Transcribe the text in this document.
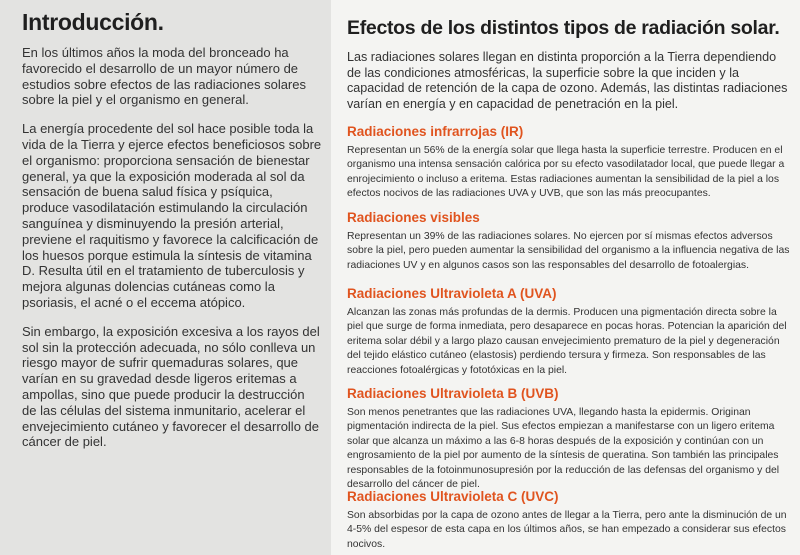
Introducción.

En los últimos años la moda del bronceado ha favorecido el desarrollo de un mayor número de estudios sobre efectos de las radiaciones solares sobre la piel y el organismo en general.

La energía procedente del sol hace posible toda la vida de la Tierra y ejerce efectos beneficiosos sobre el organismo: proporciona sensación de bienestar general, ya que la exposición moderada al sol da sensación de buena salud física y psíquica, produce vasodilatación estimulando la circulación sanguínea y disminuyendo la presión arterial, previene el raquitismo y favorece la calcificación de los huesos porque estimula la síntesis de vitamina D. Resulta útil en el tratamiento de tuberculosis y mejora algunas dolencias cutáneas como la psoriasis, el acné o el eccema atópico.

Sin embargo, la exposición excesiva a los rayos del sol sin la protección adecuada, no sólo conlleva un riesgo mayor de sufrir quemaduras solares, que varían en su gravedad desde ligeros eritemas a ampollas, sino que puede producir la destrucción de las células del sistema inmunitario, acelerar el envejecimiento cutáneo y favorecer el desarrollo de cáncer de piel.

Efectos de los distintos tipos de radiación solar.

Las radiaciones solares llegan en distinta proporción a la Tierra dependiendo de las condiciones atmosféricas, la superficie sobre la que inciden y la capacidad de retención de la capa de ozono. Además, las distintas radiaciones varían en energía y en capacidad de penetración en la piel.

Radiaciones infrarrojas (IR)

Representan un 56% de la energía solar que llega hasta la superficie terrestre. Producen en el organismo una intensa sensación calórica por su efecto vasodilatador local, que puede llegar a enrojecimiento o incluso a eritema. Estas radiaciones aumentan la sensibilidad de la piel a los efectos nocivos de las radiaciones UVA y UVB, que son las más preocupantes.

Radiaciones visibles

Representan un 39% de las radiaciones solares. No ejercen por sí mismas efectos adversos sobre la piel, pero pueden aumentar la sensibilidad del organismo a la influencia negativa de las radiaciones UV y en algunos casos son las responsables del desarrollo de fotoalergias.

Radiaciones Ultravioleta A (UVA)

Alcanzan las zonas más profundas de la dermis. Producen una pigmentación directa sobre la piel que surge de forma inmediata, pero desaparece en pocas horas. Potencian la aparición del eritema solar débil y a largo plazo causan envejecimiento prematuro de la piel y degeneración del tejido elástico cutáneo (elastosis) perdiendo tersura y firmeza. Son responsables de las reacciones fotoalérgicas y fototóxicas en la piel.

Radiaciones Ultravioleta B (UVB)

Son menos penetrantes que las radiaciones UVA, llegando hasta la epidermis. Originan pigmentación indirecta de la piel. Sus efectos empiezan a manifestarse con un ligero eritema solar que alcanza un máximo a las 6-8 horas después de la exposición y continúan con un engrosamiento de la piel por aumento de la síntesis de queratina. Son también las principales responsables de la fotoinmunosupresión por la reducción de las defensas del organismo y del desarrollo del cáncer de piel.

Radiaciones Ultravioleta C (UVC)

Son absorbidas por la capa de ozono antes de llegar a la Tierra, pero ante la disminución de un 4-5% del espesor de esta capa en los últimos años, se han empezado a considerar sus efectos nocivos.
